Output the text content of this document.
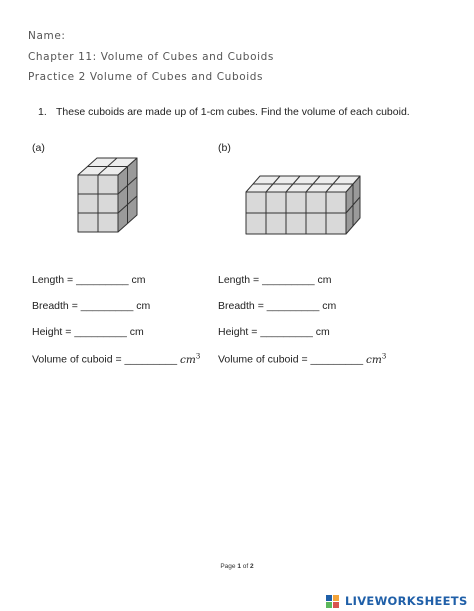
Name:
Chapter 11: Volume of Cubes and Cuboids
Practice 2 Volume of Cubes and Cuboids
1. These cuboids are made up of 1-cm cubes. Find the volume of each cuboid.
(a)	(b)
Length = _________ cm
Breadth = _________ cm
Height = _________ cm
Volume of cuboid = _________ $cm^3$
Length = _________ cm
Breadth = _________ cm
Height = _________ cm
Volume of cuboid = _________ $cm^3$
Page 1 of 2
LIVEWORKSHEETS
